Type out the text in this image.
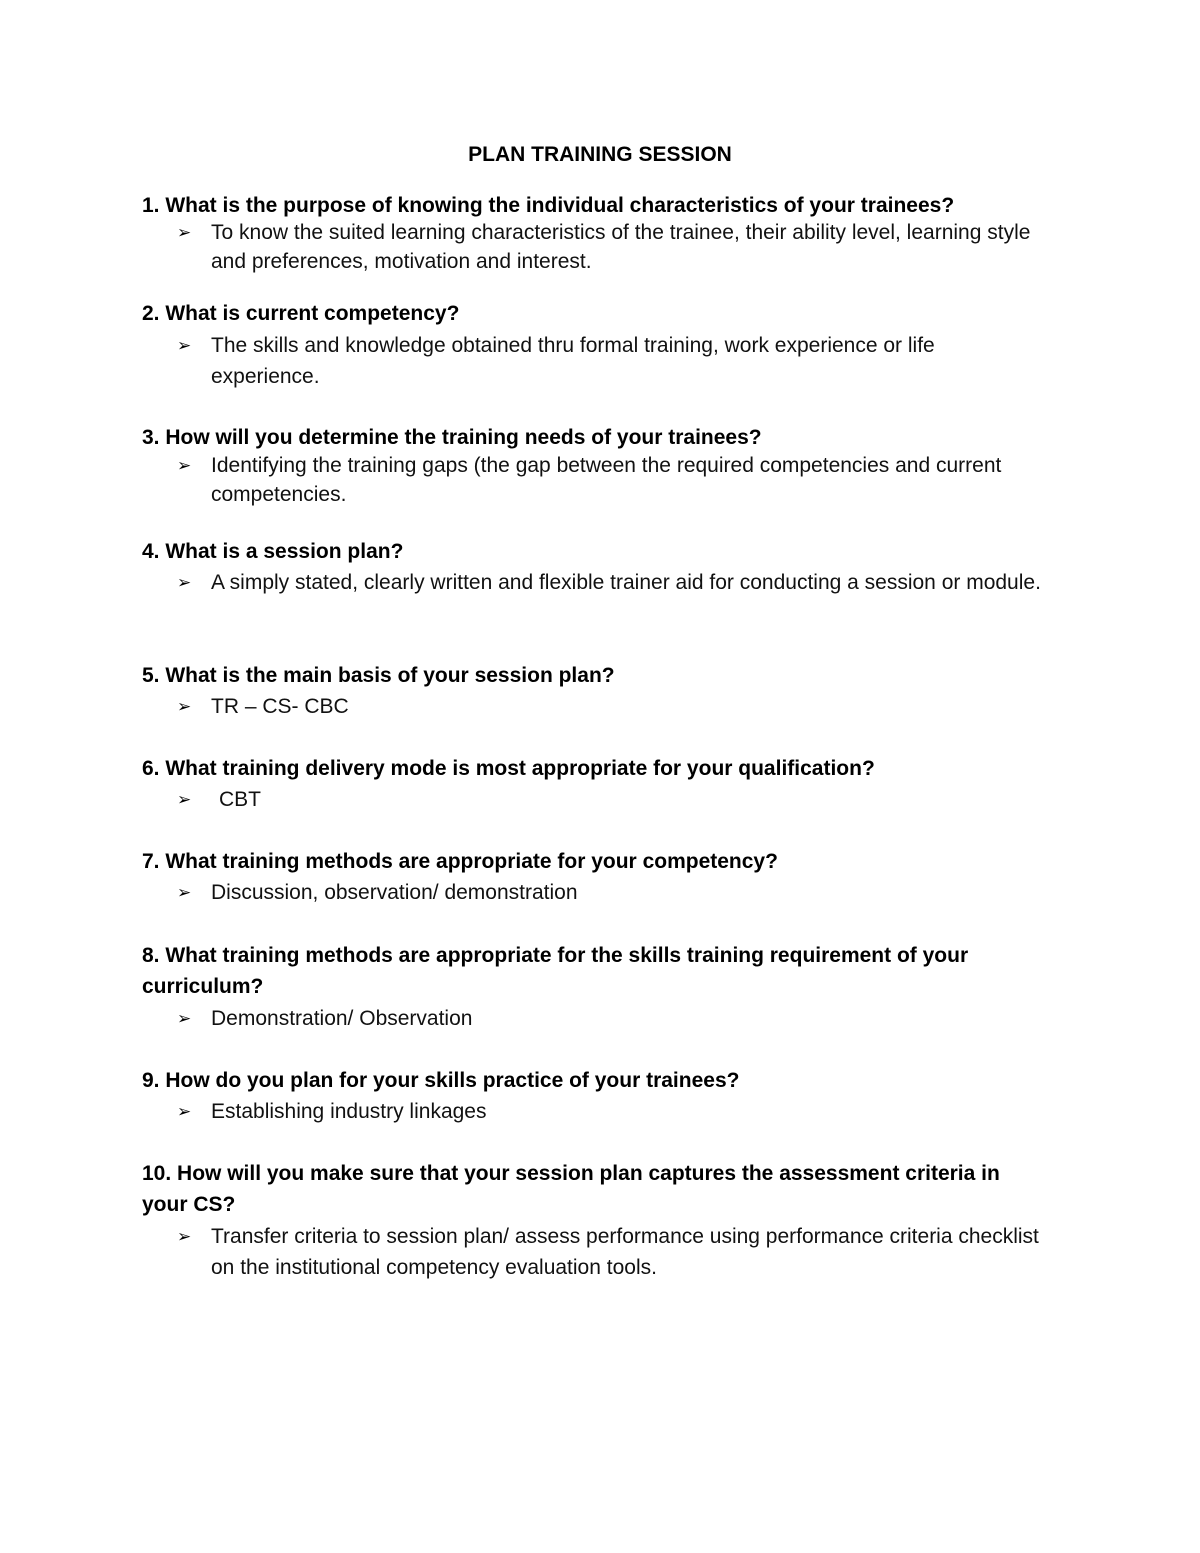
PLAN TRAINING SESSION

1. What is the purpose of knowing the individual characteristics of your trainees?

➢ To know the suited learning characteristics of the trainee, their ability level, learning style and preferences, motivation and interest.

2. What is current competency?

➢ The skills and knowledge obtained thru formal training, work experience or life experience.

3. How will you determine the training needs of your trainees?

➢ Identifying the training gaps (the gap between the required competencies and current competencies.

4. What is a session plan?

➢ A simply stated, clearly written and flexible trainer aid for conducting a session or module.

5. What is the main basis of your session plan?

➢ TR – CS- CBC

6. What training delivery mode is most appropriate for your qualification?

➢ CBT

7. What training methods are appropriate for your competency?

➢ Discussion, observation/ demonstration

8. What training methods are appropriate for the skills training requirement of your curriculum?

➢ Demonstration/ Observation

9. How do you plan for your skills practice of your trainees?

➢ Establishing industry linkages

10. How will you make sure that your session plan captures the assessment criteria in your CS?

➢ Transfer criteria to session plan/ assess performance using performance criteria checklist on the institutional competency evaluation tools.
